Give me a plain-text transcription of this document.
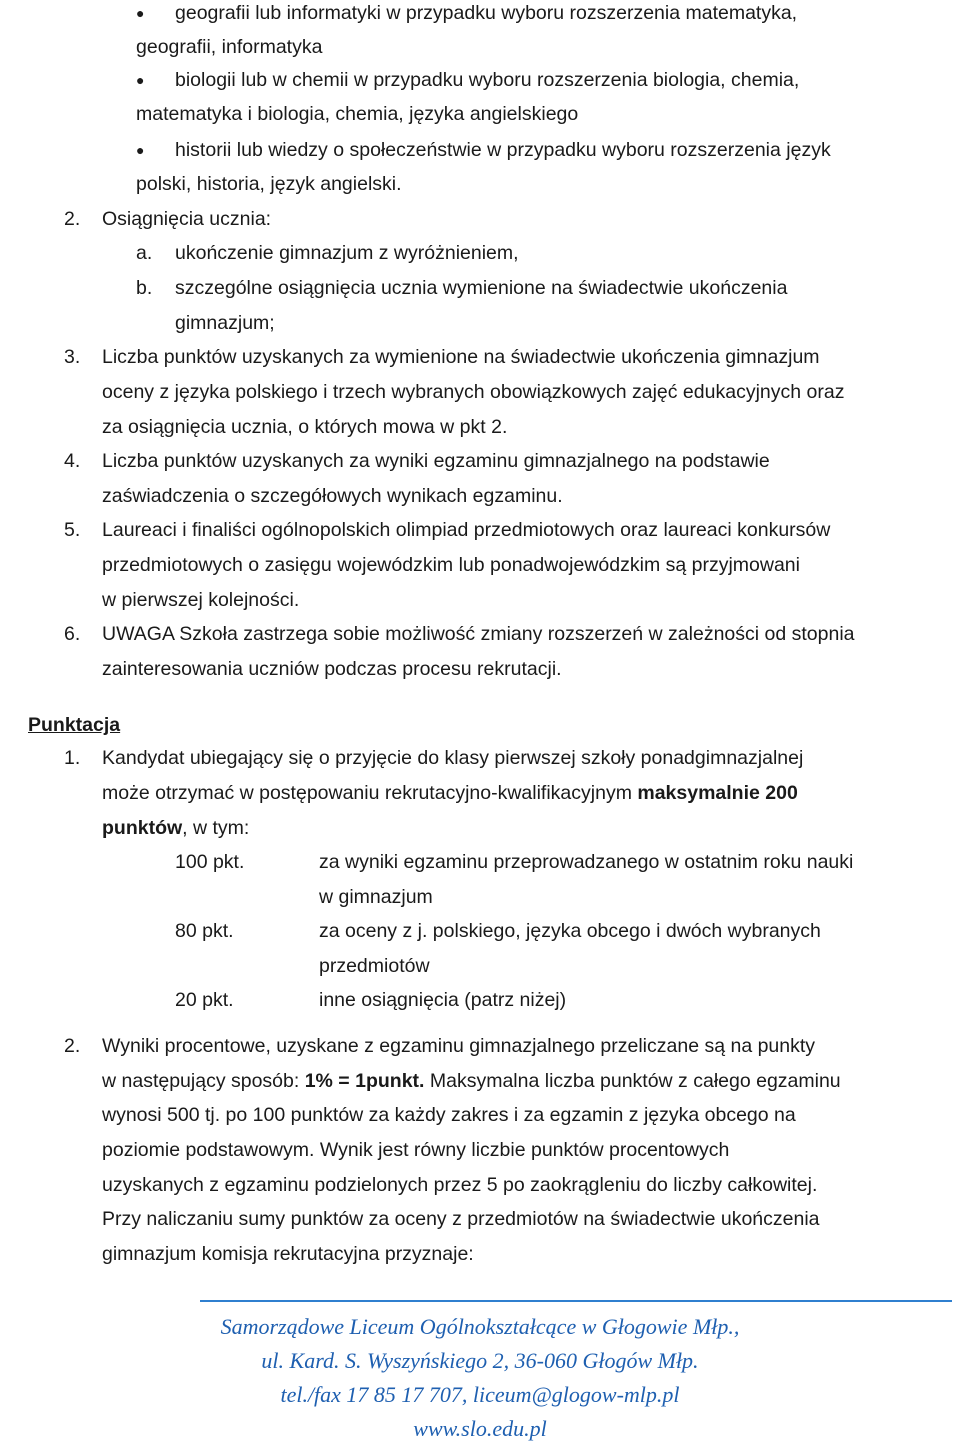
● geografii lub informatyki w przypadku wyboru rozszerzenia matematyka,
geografii, informatyka
● biologii lub w chemii w przypadku wyboru rozszerzenia biologia, chemia,
matematyka i biologia, chemia, języka angielskiego
● historii lub wiedzy o społeczeństwie w przypadku wyboru rozszerzenia język
polski, historia, język angielski.
2. Osiągnięcia ucznia:
a. ukończenie gimnazjum z wyróżnieniem,
b. szczególne osiągnięcia ucznia wymienione na świadectwie ukończenia
gimnazjum;
3. Liczba punktów uzyskanych za wymienione na świadectwie ukończenia gimnazjum
oceny z języka polskiego i trzech wybranych obowiązkowych zajęć edukacyjnych oraz
za osiągnięcia ucznia, o których mowa w pkt 2.
4. Liczba punktów uzyskanych za wyniki egzaminu gimnazjalnego na podstawie
zaświadczenia o szczegółowych wynikach egzaminu.
5. Laureaci i finaliści ogólnopolskich olimpiad przedmiotowych oraz laureaci konkursów
przedmiotowych o zasięgu wojewódzkim lub ponadwojewódzkim są przyjmowani
w pierwszej kolejności.
6. UWAGA Szkoła zastrzega sobie możliwość zmiany rozszerzeń w zależności od stopnia
zainteresowania uczniów podczas procesu rekrutacji.
Punktacja
1. Kandydat ubiegający się o przyjęcie do klasy pierwszej szkoły ponadgimnazjalnej
może otrzymać w postępowaniu rekrutacyjno-kwalifikacyjnym maksymalnie 200
punktów, w tym:
100 pkt.	za wyniki egzaminu przeprowadzanego w ostatnim roku nauki
w gimnazjum
80 pkt.	za oceny z j. polskiego, języka obcego i dwóch wybranych
przedmiotów
20 pkt.	inne osiągnięcia (patrz niżej)
2. Wyniki procentowe, uzyskane z egzaminu gimnazjalnego przeliczane są na punkty
w następujący sposób: 1% = 1punkt. Maksymalna liczba punktów z całego egzaminu
wynosi 500 tj. po 100 punktów za każdy zakres i za egzamin z języka obcego na
poziomie podstawowym. Wynik jest równy liczbie punktów procentowych
uzyskanych z egzaminu podzielonych przez 5 po zaokrągleniu do liczby całkowitej.
Przy naliczaniu sumy punktów za oceny z przedmiotów na świadectwie ukończenia
gimnazjum komisja rekrutacyjna przyznaje:
Samorządowe Liceum Ogólnokształcące w Głogowie Młp.,
ul. Kard. S. Wyszyńskiego 2, 36-060 Głogów Młp.
tel./fax 17 85 17 707, liceum@glogow-mlp.pl
www.slo.edu.pl
